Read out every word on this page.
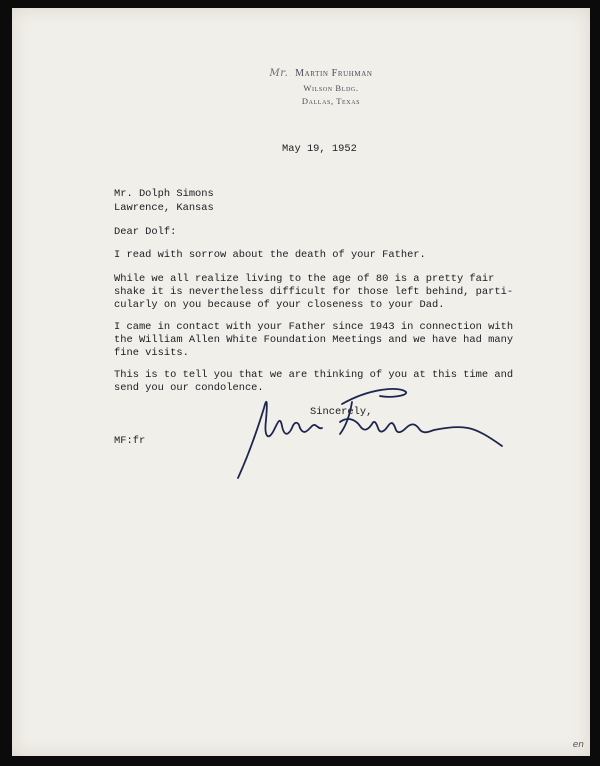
Mr. Martin Fruhman
Wilson Bldg.
Dallas, Texas
May 19, 1952
Mr. Dolph Simons
Lawrence, Kansas
Dear Dolf:
I read with sorrow about the death of your Father.
While we all realize living to the age of 80 is a pretty fair
shake it is nevertheless difficult for those left behind, parti-
cularly on you because of your closeness to your Dad.
I came in contact with your Father since 1943 in connection with
the William Allen White Foundation Meetings and we have had many
fine visits.
This is to tell you that we are thinking of you at this time and
send you our condolence.
Sincerely,
MF:fr
en
